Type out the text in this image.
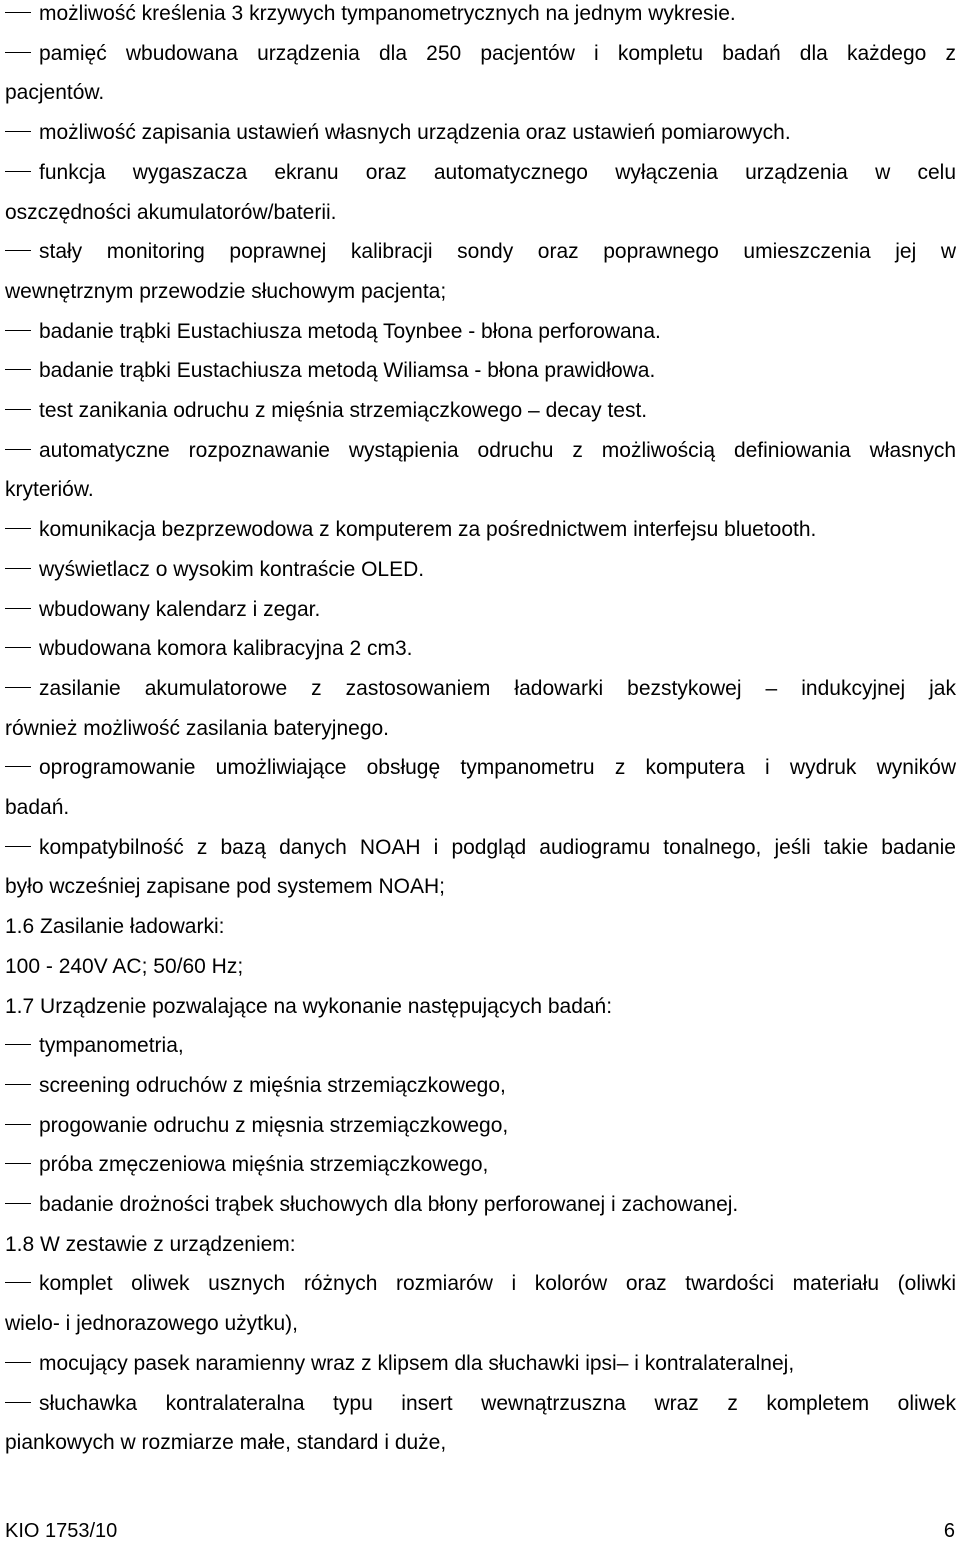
możliwość kreślenia 3 krzywych tympanometrycznych na jednym wykresie.
pamięć wbudowana urządzenia dla 250 pacjentów i kompletu badań dla każdego z
pacjentów.
możliwość zapisania ustawień własnych urządzenia oraz ustawień pomiarowych.
funkcja wygaszacza ekranu oraz automatycznego wyłączenia urządzenia w celu
oszczędności akumulatorów/baterii.
stały monitoring poprawnej kalibracji sondy oraz poprawnego umieszczenia jej w
wewnętrznym przewodzie słuchowym pacjenta;
badanie trąbki Eustachiusza metodą Toynbee - błona perforowana.
badanie trąbki Eustachiusza metodą Wiliamsa - błona prawidłowa.
test zanikania odruchu z mięśnia strzemiączkowego – decay test.
automatyczne rozpoznawanie wystąpienia odruchu z możliwością definiowania własnych
kryteriów.
komunikacja bezprzewodowa z komputerem za pośrednictwem interfejsu bluetooth.
wyświetlacz o wysokim kontraście OLED.
wbudowany kalendarz i zegar.
wbudowana komora kalibracyjna 2 cm3.
zasilanie akumulatorowe z zastosowaniem ładowarki bezstykowej – indukcyjnej jak
również możliwość zasilania bateryjnego.
oprogramowanie umożliwiające obsługę tympanometru z komputera i wydruk wyników
badań.
kompatybilność z bazą danych NOAH i podgląd audiogramu tonalnego, jeśli takie badanie
było wcześniej zapisane pod systemem NOAH;
1.6 Zasilanie ładowarki:
100 - 240V AC; 50/60 Hz;
1.7 Urządzenie pozwalające na wykonanie następujących badań:
tympanometria,
screening odruchów z mięśnia strzemiączkowego,
progowanie odruchu z mięsnia strzemiączkowego,
próba zmęczeniowa mięśnia strzemiączkowego,
badanie drożności trąbek słuchowych dla błony perforowanej i zachowanej.
1.8 W zestawie z urządzeniem:
komplet oliwek usznych różnych rozmiarów i kolorów oraz twardości materiału (oliwki
wielo- i jednorazowego użytku),
mocujący pasek naramienny wraz z klipsem dla słuchawki ipsi– i kontralateralnej,
słuchawka kontralateralna typu insert wewnątrzuszna wraz z kompletem oliwek
piankowych w rozmiarze małe, standard i duże,
KIO 1753/10	6
